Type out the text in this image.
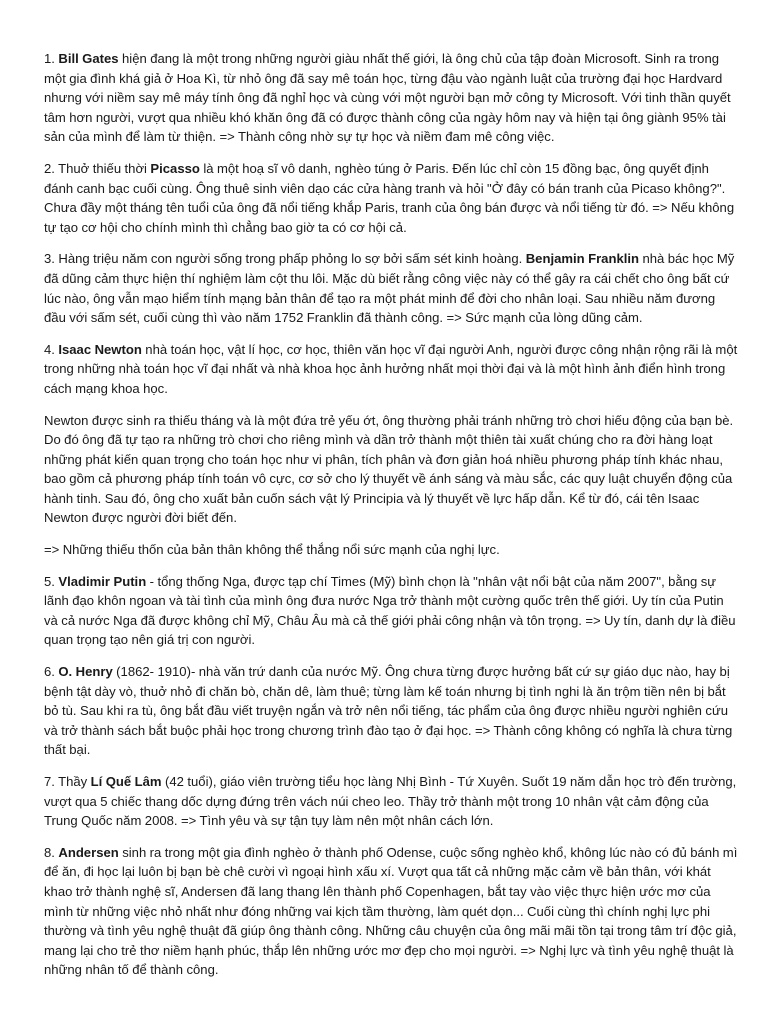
1. Bill Gates hiện đang là một trong những người giàu nhất thế giới, là ông chủ của tập đoàn Microsoft. Sinh ra trong một gia đình khá giả ở Hoa Kì, từ nhỏ ông đã say mê toán học, từng đậu vào ngành luật của trường đại học Hardvard nhưng với niềm say mê máy tính ông đã nghỉ học và cùng với một người bạn mở công ty Microsoft. Với tinh thần quyết tâm hơn người, vượt qua nhiều khó khăn ông đã có được thành công của ngày hôm nay và hiện tại ông giành 95% tài sản của mình để làm từ thiện. => Thành công nhờ sự tự học và niềm đam mê công việc.

2. Thuở thiếu thời Picasso là một hoạ sĩ vô danh, nghèo túng ở Paris. Đến lúc chỉ còn 15 đồng bạc, ông quyết định đánh canh bạc cuối cùng. Ông thuê sinh viên dạo các cửa hàng tranh và hỏi "Ở đây có bán tranh của Picaso không?". Chưa đầy một tháng tên tuổi của ông đã nổi tiếng khắp Paris, tranh của ông bán được và nổi tiếng từ đó. => Nếu không tự tạo cơ hội cho chính mình thì chẳng bao giờ ta có cơ hội cả.

3. Hàng triệu năm con người sống trong phấp phỏng lo sợ bởi sấm sét kinh hoàng. Benjamin Franklin nhà bác học Mỹ đã dũng cảm thực hiện thí nghiệm làm cột thu lôi. Mặc dù biết rằng công việc này có thể gây ra cái chết cho ông bất cứ lúc nào, ông vẫn mạo hiểm tính mạng bản thân để tạo ra một phát minh để đời cho nhân loại. Sau nhiều năm đương đầu với sấm sét, cuối cùng thì vào năm 1752 Franklin đã thành công. => Sức mạnh của lòng dũng cảm.

4. Isaac Newton nhà toán học, vật lí học, cơ học, thiên văn học vĩ đại người Anh, người được công nhận rộng rãi là một trong những nhà toán học vĩ đại nhất và nhà khoa học ảnh hưởng nhất mọi thời đại và là một hình ảnh điển hình trong cách mạng khoa học.

Newton được sinh ra thiếu tháng và là một đứa trẻ yếu ớt, ông thường phải tránh những trò chơi hiếu động của bạn bè. Do đó ông đã tự tạo ra những trò chơi cho riêng mình và dần trở thành một thiên tài xuất chúng cho ra đời hàng loạt những phát kiến quan trọng cho toán học như vi phân, tích phân và đơn giản hoá nhiều phương pháp tính khác nhau, bao gồm cả phương pháp tính toán vô cực, cơ sở cho lý thuyết về ánh sáng và màu sắc, các quy luật chuyển động của hành tinh. Sau đó, ông cho xuất bản cuốn sách vật lý Principia và lý thuyết về lực hấp dẫn. Kể từ đó, cái tên Isaac Newton được người đời biết đến.

=> Những thiếu thốn của bản thân không thể thắng nổi sức mạnh của nghị lực.

5. Vladimir Putin - tổng thống Nga, được tạp chí Times (Mỹ) bình chọn là "nhân vật nổi bật của năm 2007", bằng sự lãnh đạo khôn ngoan và tài tình của mình ông đưa nước Nga trở thành một cường quốc trên thế giới. Uy tín của Putin và cả nước Nga đã được không chỉ Mỹ, Châu Âu mà cả thế giới phải công nhận và tôn trọng. => Uy tín, danh dự là điều quan trọng tạo nên giá trị con người.

6. O. Henry (1862- 1910)- nhà văn trứ danh của nước Mỹ. Ông chưa từng được hưởng bất cứ sự giáo dục nào, hay bị bệnh tật dày vò, thuở nhỏ đi chăn bò, chăn dê, làm thuê; từng làm kế toán nhưng bị tình nghi là ăn trộm tiền nên bị bắt bỏ tù. Sau khi ra tù, ông bắt đầu viết truyện ngắn và trở nên nổi tiếng, tác phẩm của ông được nhiều người nghiên cứu và trở thành sách bắt buộc phải học trong chương trình đào tạo ở đại học. => Thành công không có nghĩa là chưa từng thất bại.

7. Thầy Lí Quế Lâm (42 tuổi), giáo viên trường tiểu học làng Nhị Bình - Tứ Xuyên. Suốt 19 năm dẫn học trò đến trường, vượt qua 5 chiếc thang dốc dựng đứng trên vách núi cheo leo. Thầy trở thành một trong 10 nhân vật cảm động của Trung Quốc năm 2008. => Tình yêu và sự tận tụy làm nên một nhân cách lớn.

8. Andersen sinh ra trong một gia đình nghèo ở thành phố Odense, cuộc sống nghèo khổ, không lúc nào có đủ bánh mì để ăn, đi học lại luôn bị bạn bè chê cười vì ngoại hình xấu xí. Vượt qua tất cả những mặc cảm về bản thân, với khát khao trở thành nghệ sĩ, Andersen đã lang thang lên thành phố Copenhagen, bắt tay vào việc thực hiện ước mơ của mình từ những việc nhỏ nhất như đóng những vai kịch tầm thường, làm quét dọn... Cuối cùng thì chính nghị lực phi thường và tình yêu nghệ thuật đã giúp ông thành công. Những câu chuyện của ông mãi mãi tồn tại trong tâm trí độc giả, mang lại cho trẻ thơ niềm hạnh phúc, thắp lên những ước mơ đẹp cho mọi người. => Nghị lực và tình yêu nghệ thuật là những nhân tố để thành công.
